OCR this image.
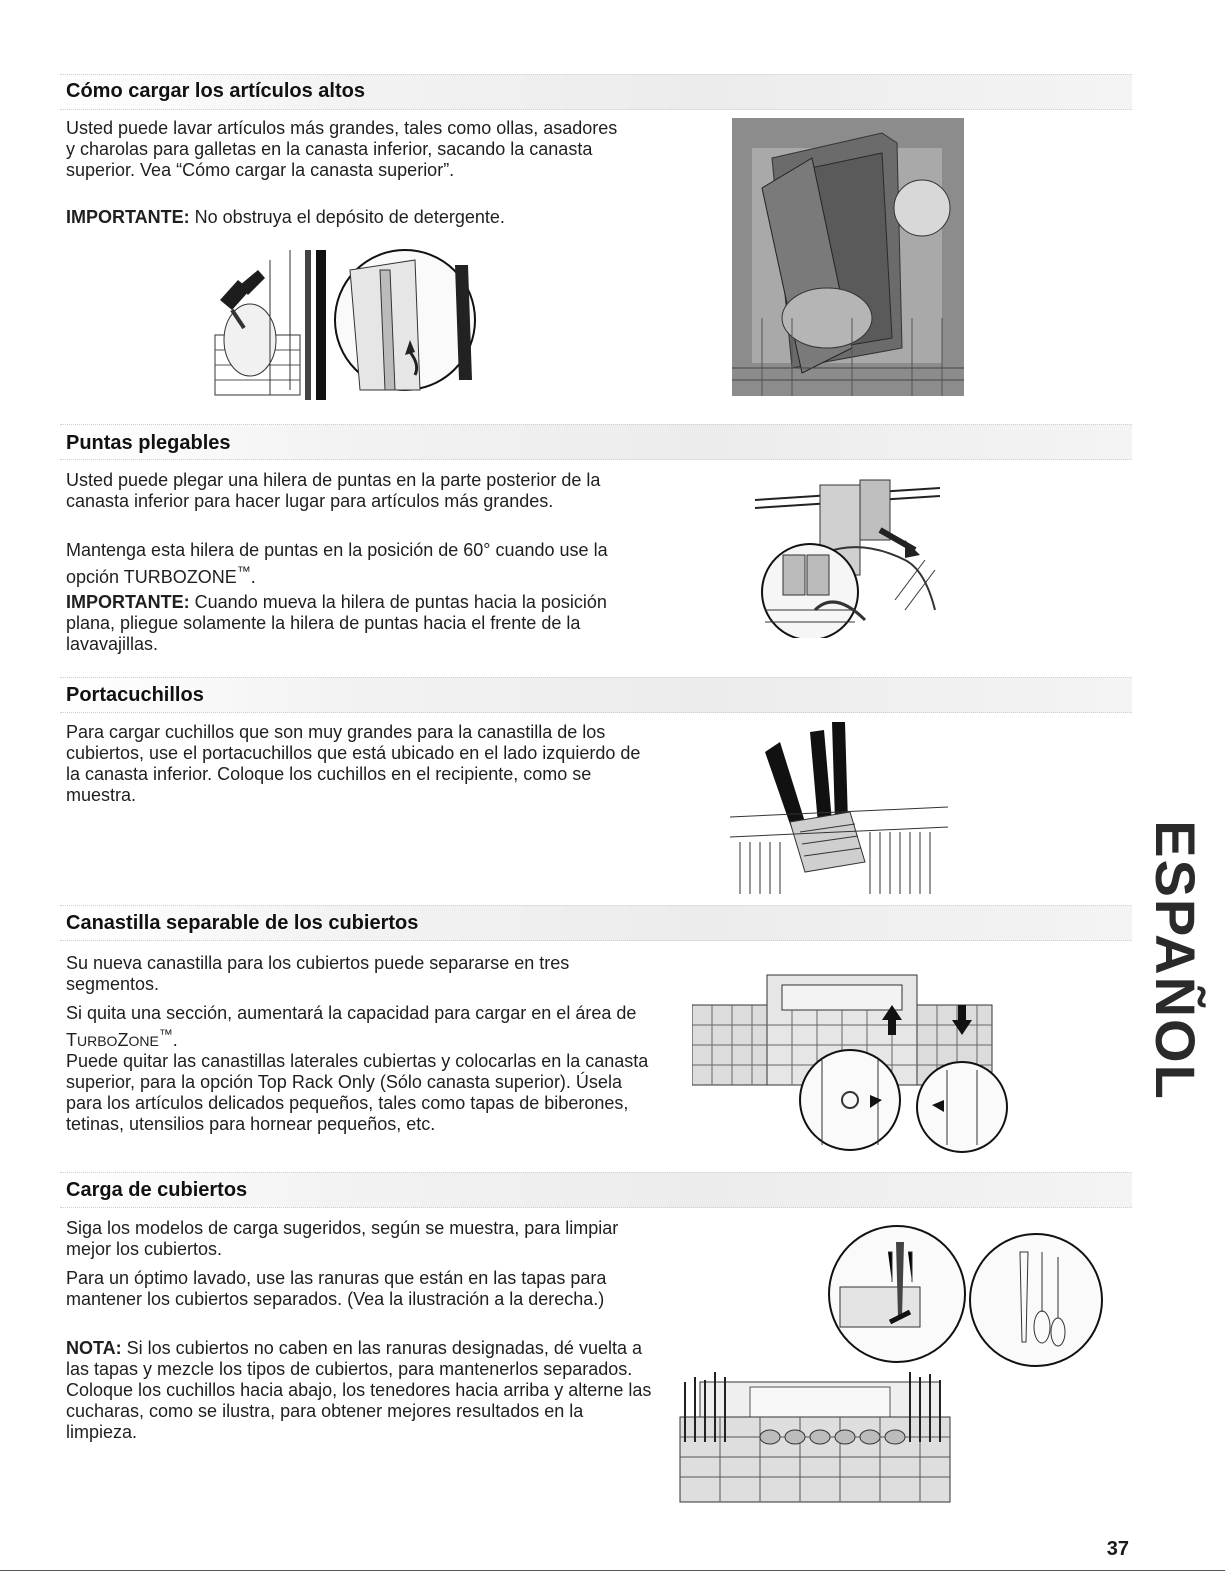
Cómo cargar los artículos altos

Usted puede lavar artículos más grandes, tales como ollas, asadores y charolas para galletas en la canasta inferior, sacando la canasta superior. Vea “Cómo cargar la canasta superior”.

IMPORTANTE: No obstruya el depósito de detergente.

Puntas plegables

Usted puede plegar una hilera de puntas en la parte posterior de la canasta inferior para hacer lugar para artículos más grandes.

Mantenga esta hilera de puntas en la posición de 60° cuando use la opción TURBOZONE™.

IMPORTANTE: Cuando mueva la hilera de puntas hacia la posición plana, pliegue solamente la hilera de puntas hacia el frente de la lavavajillas.

Portacuchillos

Para cargar cuchillos que son muy grandes para la canastilla de los cubiertos, use el portacuchillos que está ubicado en el lado izquierdo de la canasta inferior. Coloque los cuchillos en el recipiente, como se muestra.

Canastilla separable de los cubiertos

Su nueva canastilla para los cubiertos puede separarse en tres segmentos.

Si quita una sección, aumentará la capacidad para cargar en el área de TURBOZONE™.

Puede quitar las canastillas laterales cubiertas y colocarlas en la canasta superior, para la opción Top Rack Only (Sólo canasta superior). Úsela para los artículos delicados pequeños, tales como tapas de biberones, tetinas, utensilios para hornear pequeños, etc.

Carga de cubiertos

Siga los modelos de carga sugeridos, según se muestra, para limpiar mejor los cubiertos.

Para un óptimo lavado, use las ranuras que están en las tapas para mantener los cubiertos separados. (Vea la ilustración a la derecha.)

NOTA: Si los cubiertos no caben en las ranuras designadas, dé vuelta a las tapas y mezcle los tipos de cubiertos, para mantenerlos separados. Coloque los cuchillos hacia abajo, los tenedores hacia arriba y alterne las cucharas, como se ilustra, para obtener mejores resultados en la limpieza.

ESPAÑOL
37
